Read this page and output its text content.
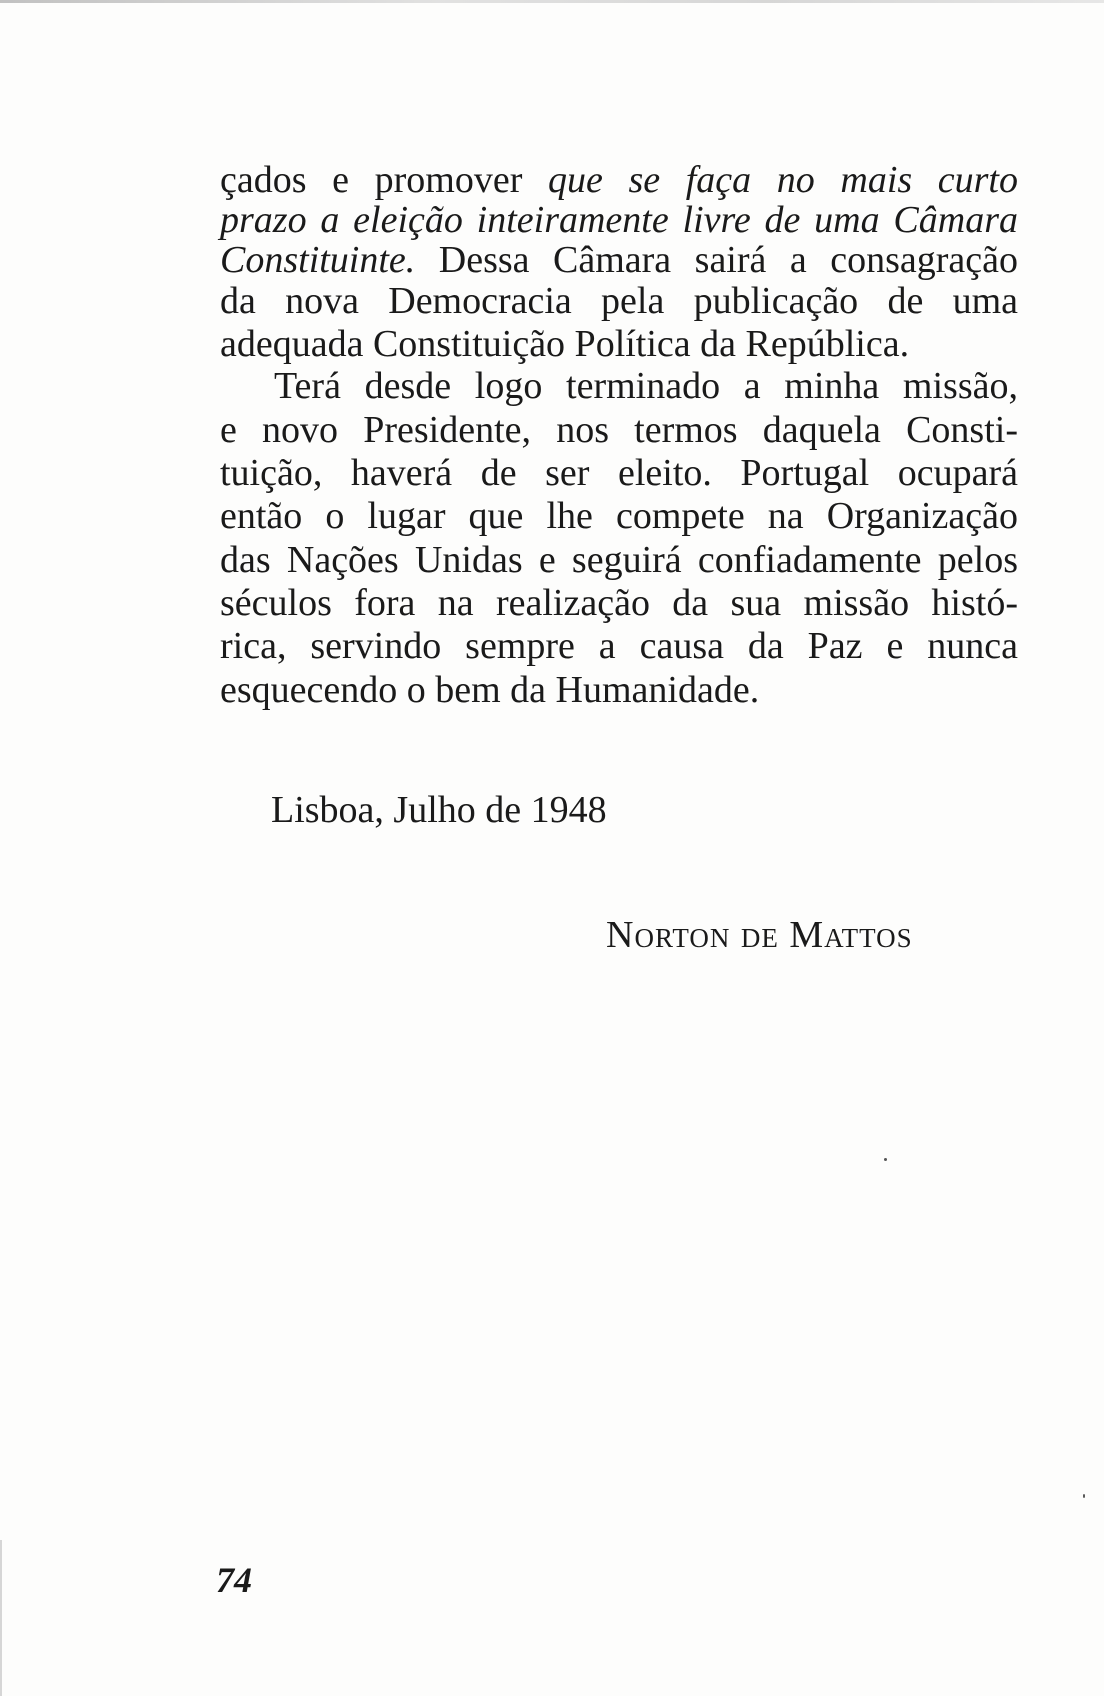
çados e promover que se faça no mais curto
prazo a eleição inteiramente livre de uma Câmara
Constituinte. Dessa Câmara sairá a consagração
da nova Democracia pela publicação de uma
adequada Constituição Política da República.
Terá desde logo terminado a minha missão,
e novo Presidente, nos termos daquela Consti-
tuição, haverá de ser eleito. Portugal ocupará
então o lugar que lhe compete na Organização
das Nações Unidas e seguirá confiadamente pelos
séculos fora na realização da sua missão histó-
rica, servindo sempre a causa da Paz e nunca
esquecendo o bem da Humanidade.
Lisboa, Julho de 1948
Norton de Mattos
74
